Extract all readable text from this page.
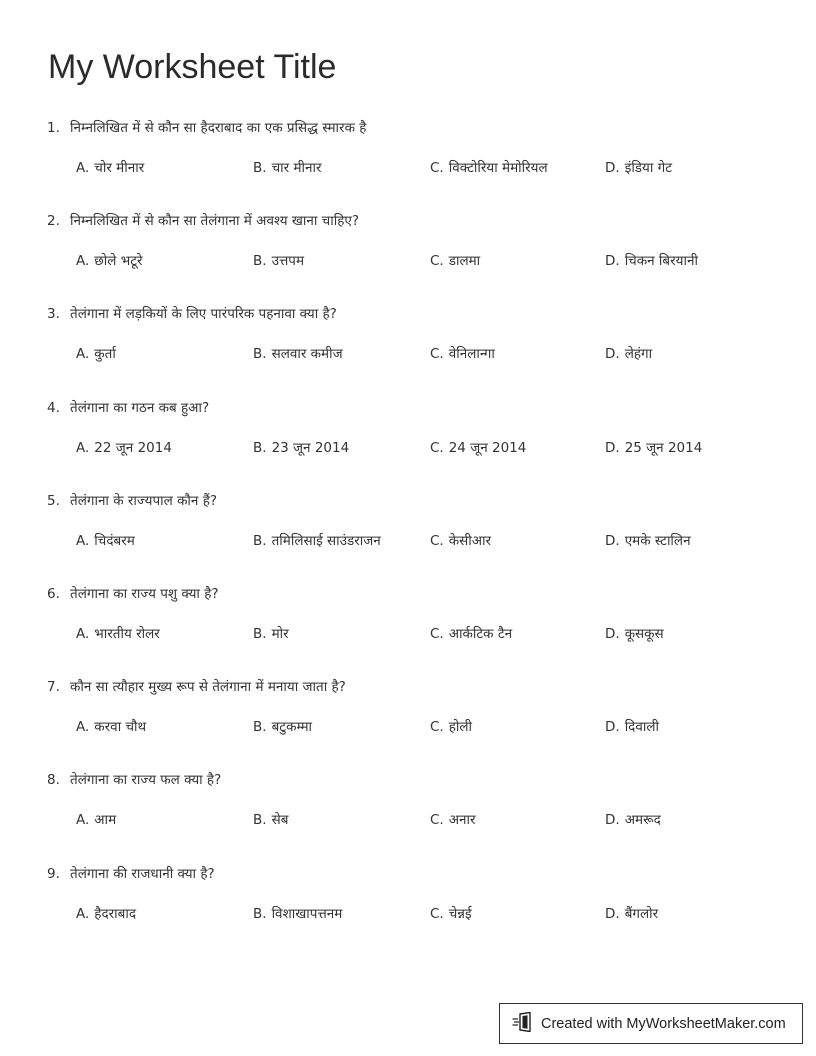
My Worksheet Title
1. निम्नलिखित में से कौन सा हैदराबाद का एक प्रसिद्ध स्मारक है
A. चोर मीनार	B. चार मीनार	C. विक्टोरिया मेमोरियल	D. इंडिया गेट
2. निम्नलिखित में से कौन सा तेलंगाना में अवश्य खाना चाहिए?
A. छोले भटूरे	B. उत्तपम	C. डालमा	D. चिकन बिरयानी
3. तेलंगाना में लड़कियों के लिए पारंपरिक पहनावा क्या है?
A. कुर्ता	B. सलवार कमीज	C. वेनिलान्गा	D. लेहंगा
4. तेलंगाना का गठन कब हुआ?
A. 22 जून 2014	B. 23 जून 2014	C. 24 जून 2014	D. 25 जून 2014
5. तेलंगाना के राज्यपाल कौन हैं?
A. चिदंबरम	B. तमिलिसाई साउंडराजन	C. केसीआर	D. एमके स्टालिन
6. तेलंगाना का राज्य पशु क्या है?
A. भारतीय रोलर	B. मोर	C. आर्कटिक टैन	D. कूसकूस
7. कौन सा त्यौहार मुख्य रूप से तेलंगाना में मनाया जाता है?
A. करवा चौथ	B. बटुकम्मा	C. होली	D. दिवाली
8. तेलंगाना का राज्य फल क्या है?
A. आम	B. सेब	C. अनार	D. अमरूद
9. तेलंगाना की राजधानी क्या है?
A. हैदराबाद	B. विशाखापत्तनम	C. चेन्नई	D. बैंगलोर
Created with MyWorksheetMaker.com
